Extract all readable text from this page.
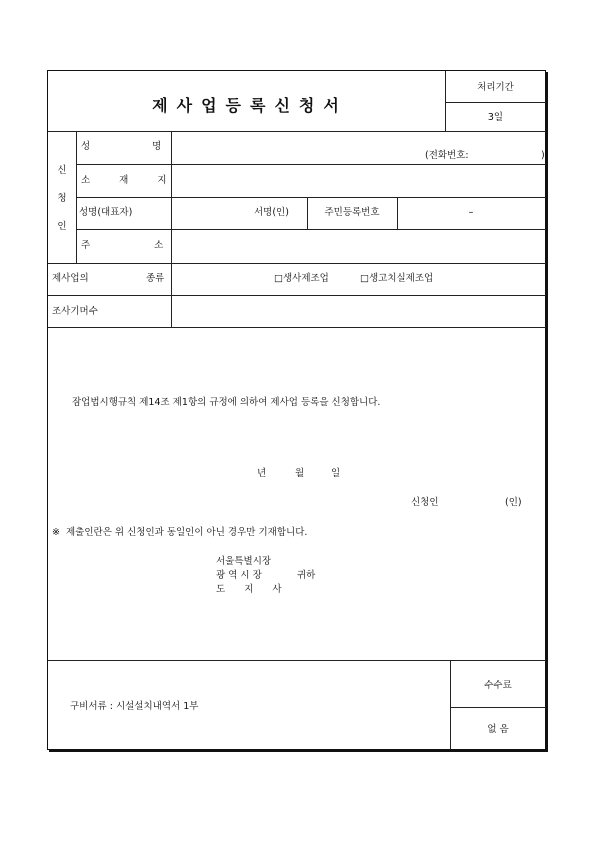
제사업등록신청서
처리기간
3일
신
청
인
성명
(전화번호:	)
소재지
성명(대표자)	서명(인)	주민등록번호	–
주소
제사업의	종류	□생사제조업	□생고치실제조업
조사기머수
잠업법시행규칙 제14조 제1항의 규정에 의하여 제사업 등록을 신청합니다.
년	월	일
신청인	(인)
※ 제출인란은 위 신청인과 동일인이 아닌 경우만 기재합니다.
서울특별시장
광 역 시 장
도 지 사
귀하
구비서류 : 시설설치내역서 1부
수수료
없 음
